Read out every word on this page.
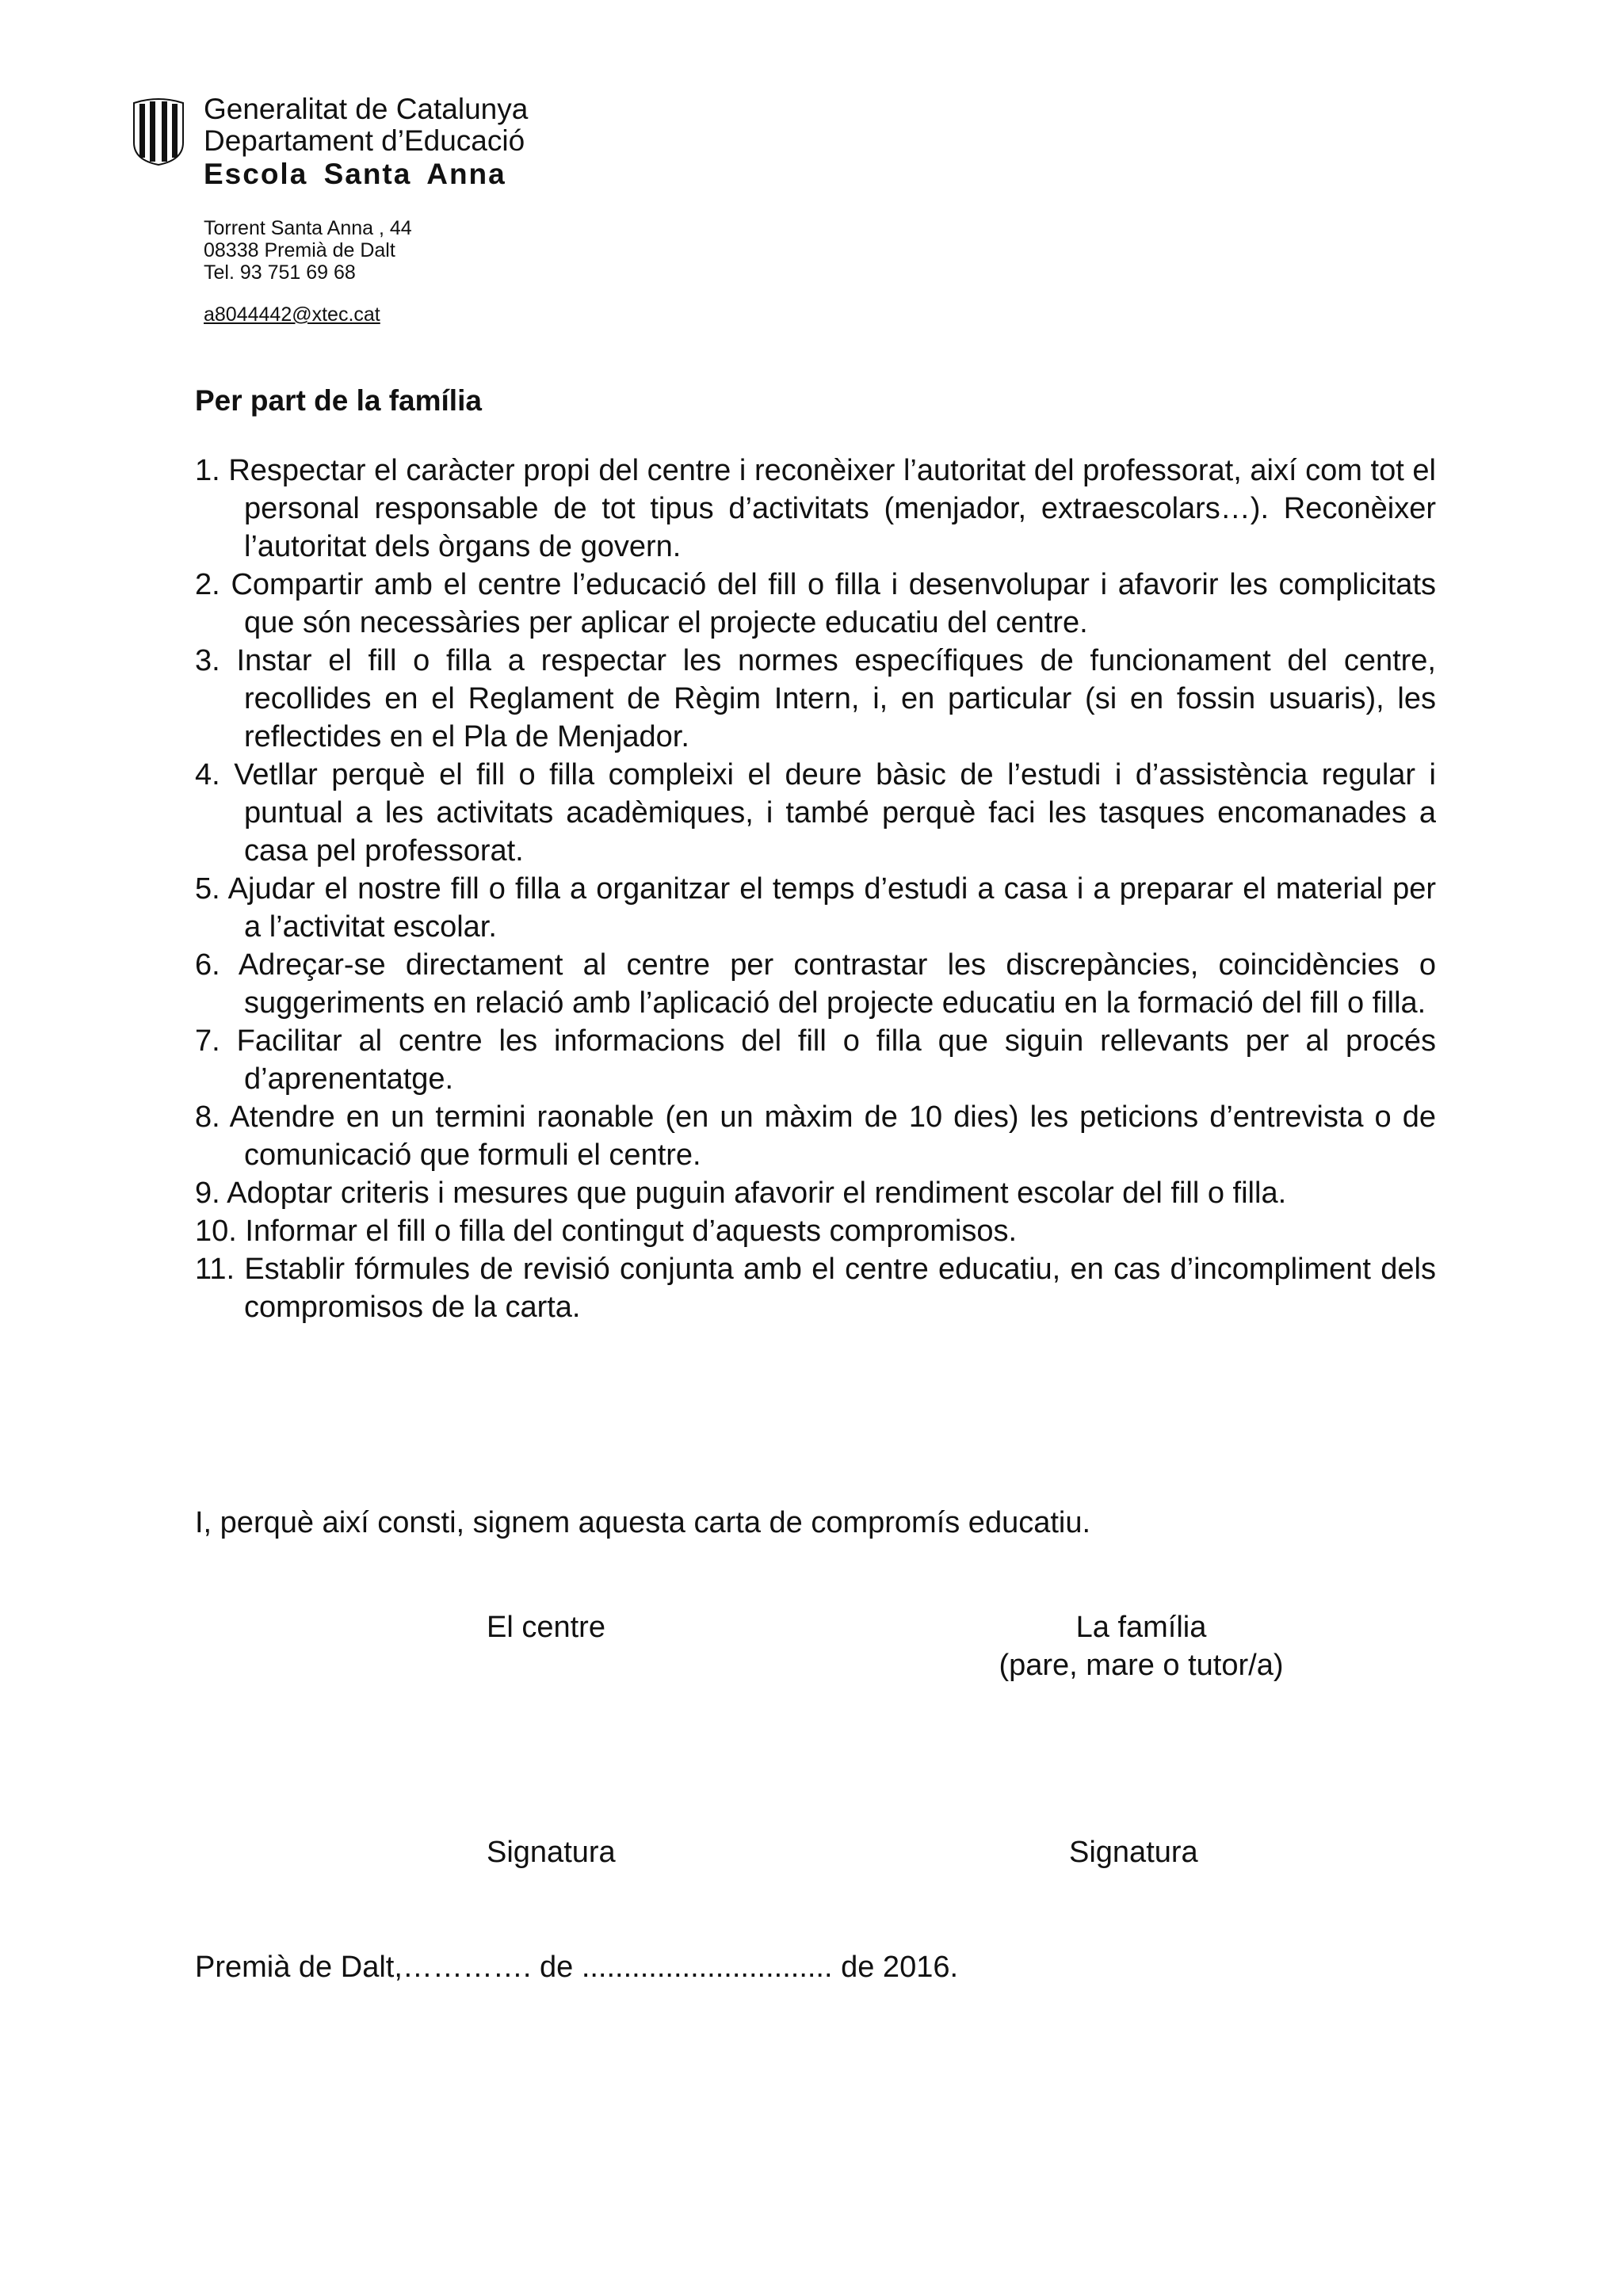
Generalitat de Catalunya
Departament d’Educació
Escola Santa Anna
Torrent Santa Anna , 44
08338 Premià de Dalt
Tel. 93 751 69 68
a8044442@xtec.cat
Per part de la família
1. Respectar el caràcter propi del centre i reconèixer l’autoritat del professorat, així com tot el personal responsable de tot tipus d’activitats (menjador, extraescolars…). Reconèixer l’autoritat dels òrgans de govern.
2. Compartir amb el centre l’educació del fill o filla i desenvolupar i afavorir les complicitats que són necessàries per aplicar el projecte educatiu del centre.
3. Instar el fill o filla a respectar les normes específiques de funcionament del centre, recollides en el Reglament de Règim Intern, i, en particular (si en fossin usuaris), les reflectides en el Pla de Menjador.
4. Vetllar perquè el fill o filla compleixi el deure bàsic de l’estudi i d’assistència regular i puntual a les activitats acadèmiques, i també perquè faci les tasques encomanades a casa pel professorat.
5. Ajudar el nostre fill o filla a organitzar el temps d’estudi a casa i a preparar el material per a l’activitat escolar.
6. Adreçar-se directament al centre per contrastar les discrepàncies, coincidències o suggeriments en relació amb l’aplicació del projecte educatiu en la formació del fill o filla.
7. Facilitar al centre les informacions del fill o filla que siguin rellevants per al procés d’aprenentatge.
8. Atendre en un termini raonable (en un màxim de 10 dies) les peticions d’entrevista o de comunicació que formuli el centre.
9. Adoptar criteris i mesures que puguin afavorir el rendiment escolar del fill o filla.
10. Informar el fill o filla del contingut d’aquests compromisos.
11. Establir fórmules de revisió conjunta amb el centre educatiu, en cas d’incompliment dels compromisos de la carta.
I, perquè així consti, signem aquesta carta de compromís educatiu.
El centre	La família
(pare, mare o tutor/a)
Signatura	Signatura
Premià de Dalt,…………. de .............................. de 2016.
